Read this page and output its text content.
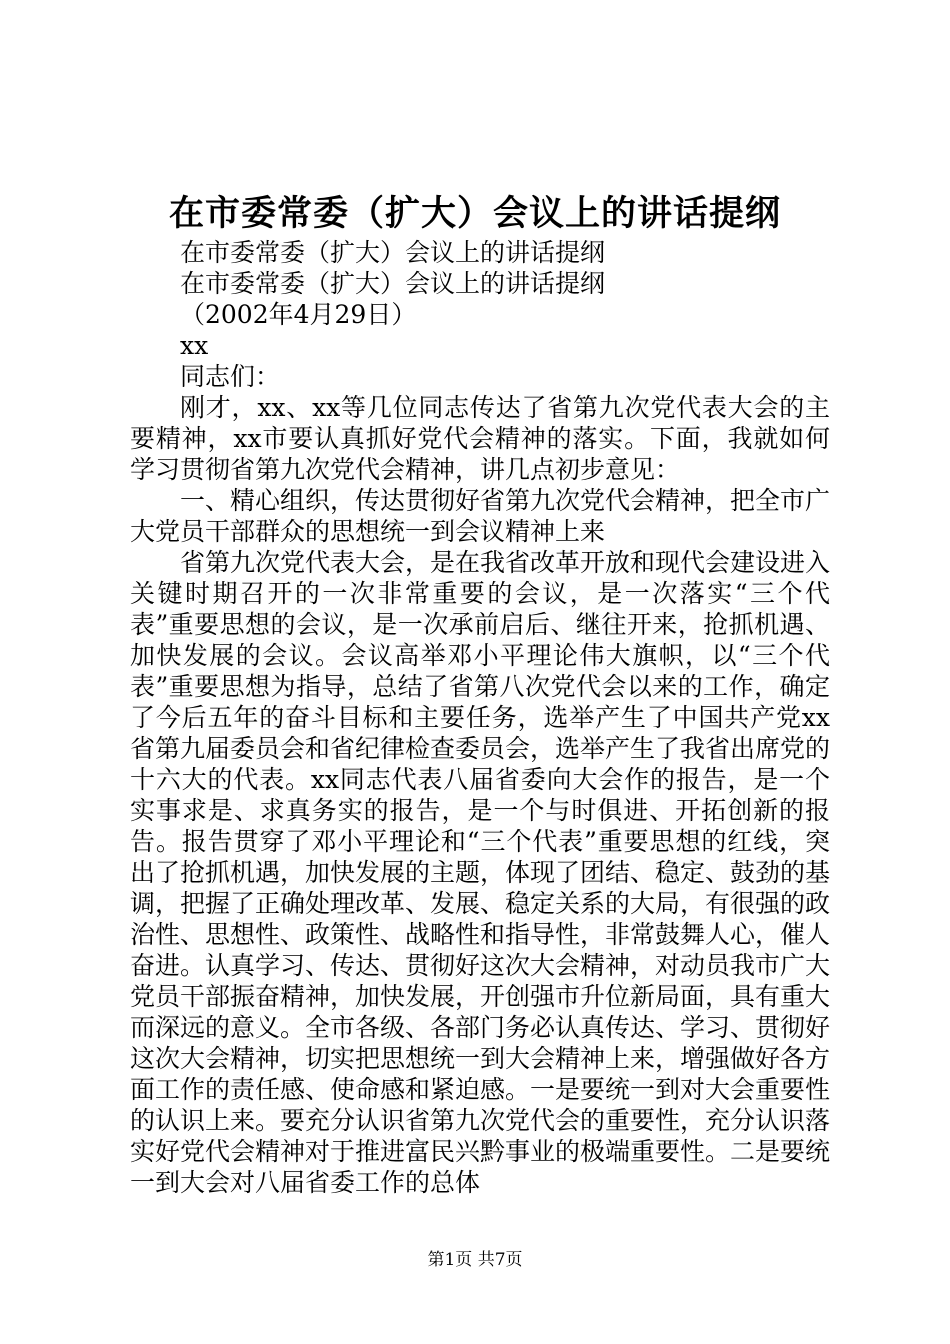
在市委常委（扩大）会议上的讲话提纲
在市委常委（扩大）会议上的讲话提纲
在市委常委（扩大）会议上的讲话提纲
（2002年4月29日）
xx
同志们：

刚才，xx、xx等几位同志传达了省第九次党代表大会的主要精神，xx市要认真抓好党代会精神的落实。下面，我就如何学习贯彻省第九次党代会精神，讲几点初步意见：

一、精心组织，传达贯彻好省第九次党代会精神，把全市广大党员干部群众的思想统一到会议精神上来

省第九次党代表大会，是在我省改革开放和现代会建设进入关键时期召开的一次非常重要的会议，是一次落实“三个代表”重要思想的会议，是一次承前启后、继往开来，抢抓机遇、加快发展的会议。会议高举邓小平理论伟大旗帜，以“三个代表”重要思想为指导，总结了省第八次党代会以来的工作，确定了今后五年的奋斗目标和主要任务，选举产生了中国共产党xx省第九届委员会和省纪律检查委员会，选举产生了我省出席党的十六大的代表。xx同志代表八届省委向大会作的报告，是一个实事求是、求真务实的报告，是一个与时俱进、开拓创新的报告。报告贯穿了邓小平理论和“三个代表”重要思想的红线，突出了抢抓机遇，加快发展的主题，体现了团结、稳定、鼓劲的基调，把握了正确处理改革、发展、稳定关系的大局，有很强的政治性、思想性、政策性、战略性和指导性，非常鼓舞人心，催人奋进。认真学习、传达、贯彻好这次大会精神，对动员我市广大党员干部振奋精神，加快发展，开创强市升位新局面，具有重大而深远的意义。全市各级、各部门务必认真传达、学习、贯彻好这次大会精神，切实把思想统一到大会精神上来，增强做好各方面工作的责任感、使命感和紧迫感。一是要统一到对大会重要性的认识上来。要充分认识省第九次党代会的重要性，充分认识落实好党代会精神对于推进富民兴黔事业的极端重要性。二是要统一到大会对八届省委工作的总体

第1页 共7页
